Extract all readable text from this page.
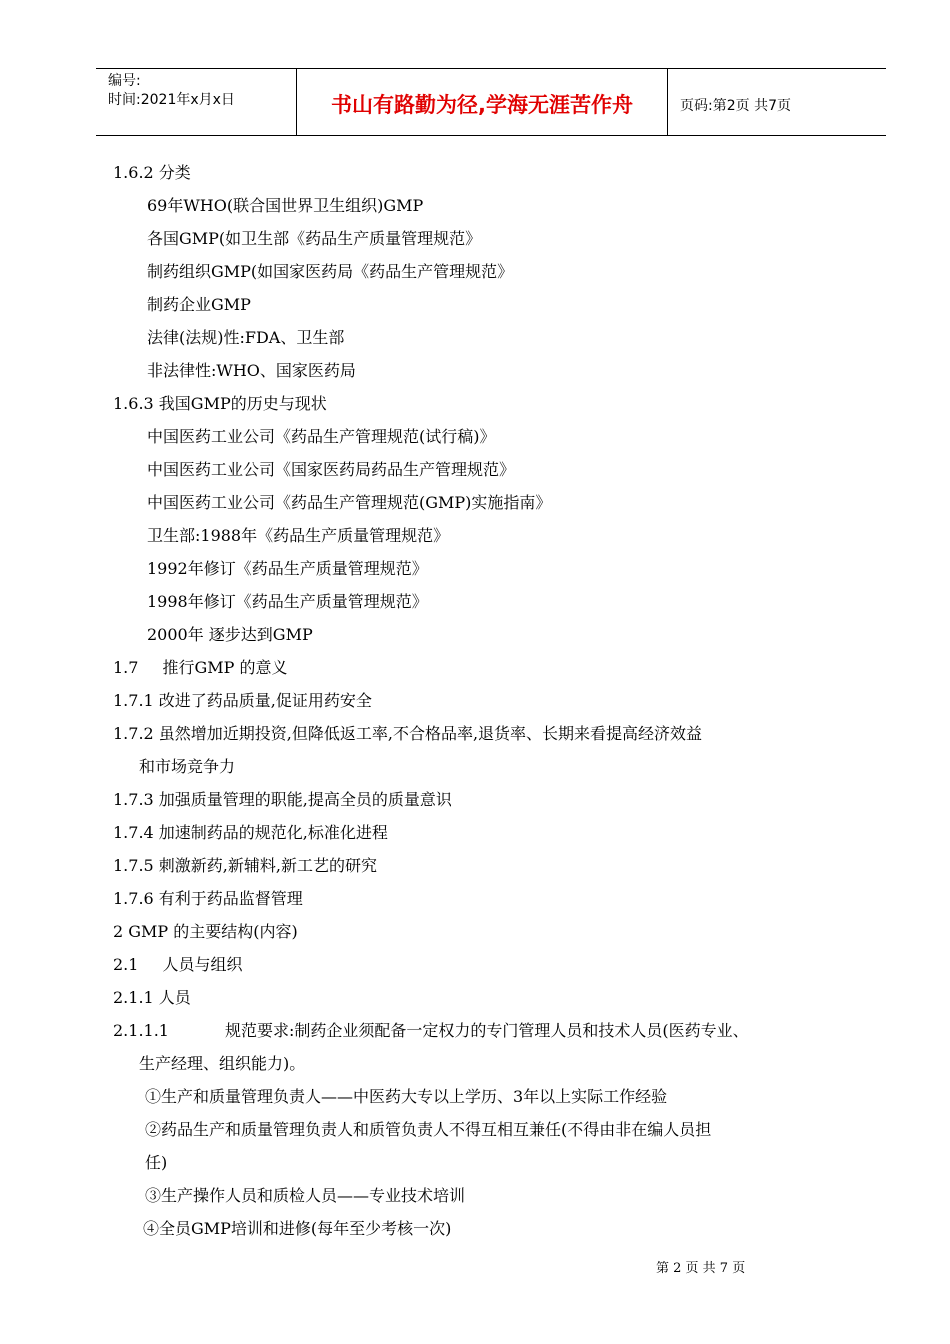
编号:
时间:2021年x月x日	书山有路勤为径,学海无涯苦作舟	页码:第2页 共7页
1.6.2 分类
69年WHO(联合国世界卫生组织)GMP
各国GMP(如卫生部《药品生产质量管理规范》
制药组织GMP(如国家医药局《药品生产管理规范》
制药企业GMP
法律(法规)性:FDA、卫生部
非法律性:WHO、国家医药局
1.6.3 我国GMP的历史与现状
中国医药工业公司《药品生产管理规范(试行稿)》
中国医药工业公司《国家医药局药品生产管理规范》
中国医药工业公司《药品生产管理规范(GMP)实施指南》
卫生部:1988年《药品生产质量管理规范》
1992年修订《药品生产质量管理规范》
1998年修订《药品生产质量管理规范》
2000年 逐步达到GMP
1.7 推行GMP 的意义
1.7.1 改进了药品质量,促证用药安全
1.7.2 虽然增加近期投资,但降低返工率,不合格品率,退货率、长期来看提高经济效益
和市场竞争力
1.7.3 加强质量管理的职能,提高全员的质量意识
1.7.4 加速制药品的规范化,标准化进程
1.7.5 刺激新药,新辅料,新工艺的研究
1.7.6 有利于药品监督管理
2 GMP 的主要结构(内容)
2.1 人员与组织
2.1.1 人员
2.1.1.1	规范要求:制药企业须配备一定权力的专门管理人员和技术人员(医药专业、
生产经理、组织能力)。
①生产和质量管理负责人——中医药大专以上学历、3年以上实际工作经验
②药品生产和质量管理负责人和质管负责人不得互相互兼任(不得由非在编人员担
任)
③生产操作人员和质检人员——专业技术培训
④全员GMP培训和进修(每年至少考核一次)
第 2 页 共 7 页
